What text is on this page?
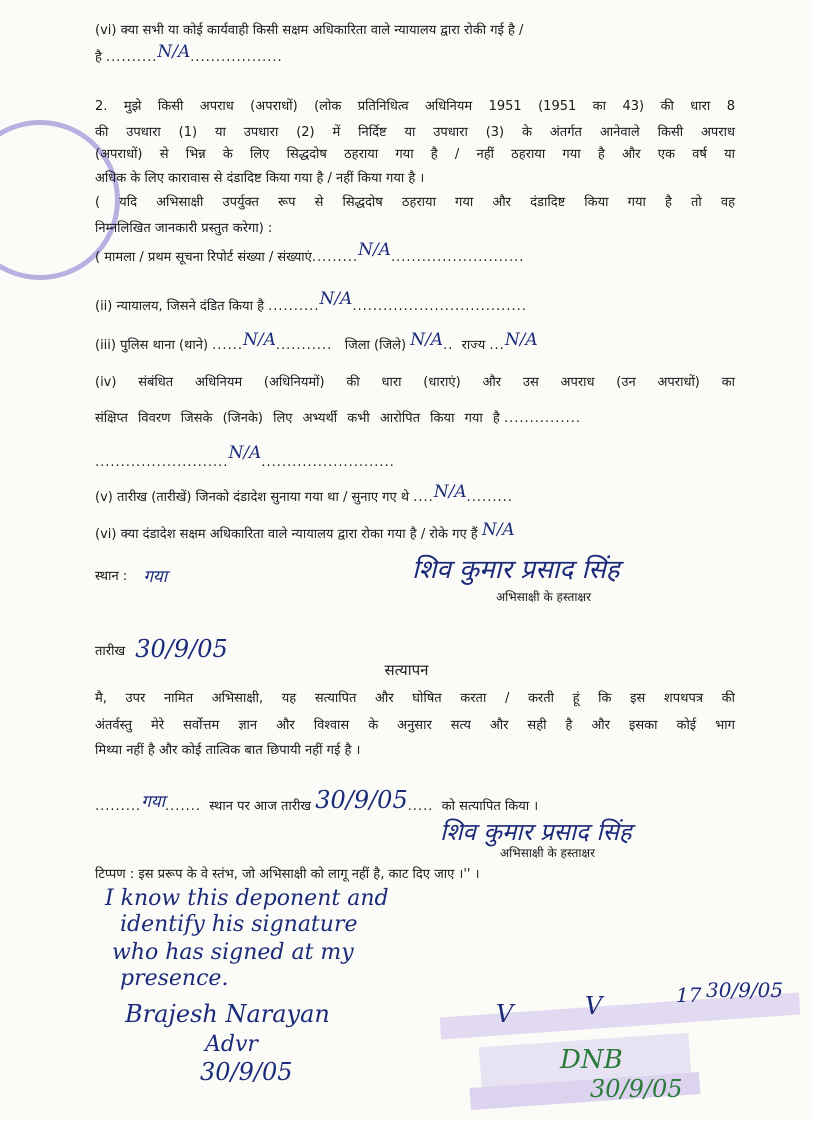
(vi) क्या सभी या कोई कार्यवाही किसी सक्षम अधिकारिता वाले न्यायालय द्वारा रोकी गई है /
है ..........N/A..................
2. मुझे किसी अपराध (अपराधों) (लोक प्रतिनिधित्व अधिनियम 1951 (1951 का 43) की धारा 8
की उपधारा (1) या उपधारा (2) में निर्दिष्ट या उपधारा (3) के अंतर्गत आनेवाले किसी अपराध
(अपराधों) से भिन्न के लिए सिद्धदोष ठहराया गया है / नहीं ठहराया गया है और एक वर्ष या
अधिक के लिए कारावास से दंडादिष्ट किया गया है / नहीं किया गया है ।
( यदि अभिसाक्षी उपर्युक्त रूप से सिद्धदोष ठहराया गया और दंडादिष्ट किया गया है तो वह
निम्नलिखित जानकारी प्रस्तुत करेगा) :
( मामला / प्रथम सूचना रिपोर्ट संख्या / संख्याएं.........N/A..........................
(ii) न्यायालय, जिसने दंडित किया है ..........N/A..................................
(iii) पुलिस थाना (थाने) ......N/A........... जिला (जिले) N/A.. राज्य ...N/A
(iv) संबंधित अधिनियम (अधिनियमों) की धारा (धाराएं) और उस अपराध (उन अपराधों) का
संक्षिप्त विवरण जिसके (जिनके) लिए अभ्यर्थी कभी आरोपित किया गया है ...............
..........................N/A..........................
(v) तारीख (तारीखें) जिनको दंडादेश सुनाया गया था / सुनाए गए थे ....N/A.........
(vi) क्या दंडादेश सक्षम अधिकारिता वाले न्यायालय द्वारा रोका गया है / रोके गए हैं N/A
स्थान : गया	शिव कुमार प्रसाद सिंह
अभिसाक्षी के हस्ताक्षर
तारीख 30/9/05
सत्यापन
मै, उपर नामित अभिसाक्षी, यह सत्यापित और घोषित करता / करती हूं कि इस शपथपत्र की
अंतर्वस्तु मेरे सर्वोत्तम ज्ञान और विश्वास के अनुसार सत्य और सही है और इसका कोई भाग
मिथ्या नहीं है और कोई तात्विक बात छिपायी नहीं गई है ।
.........गया....... स्थान पर आज तारीख 30/9/05..... को सत्यापित किया ।
शिव कुमार प्रसाद सिंह
अभिसाक्षी के हस्ताक्षर
टिप्पण : इस प्ररूप के वे स्तंभ, जो अभिसाक्षी को लागू नहीं है, काट दिए जाए ।'' ।
I know this deponent and
identify his signature
who has signed at my
presence.
Brajesh Narayan
Advr
30/9/05
V	V	17 30/9/05
DNB
30/9/05
